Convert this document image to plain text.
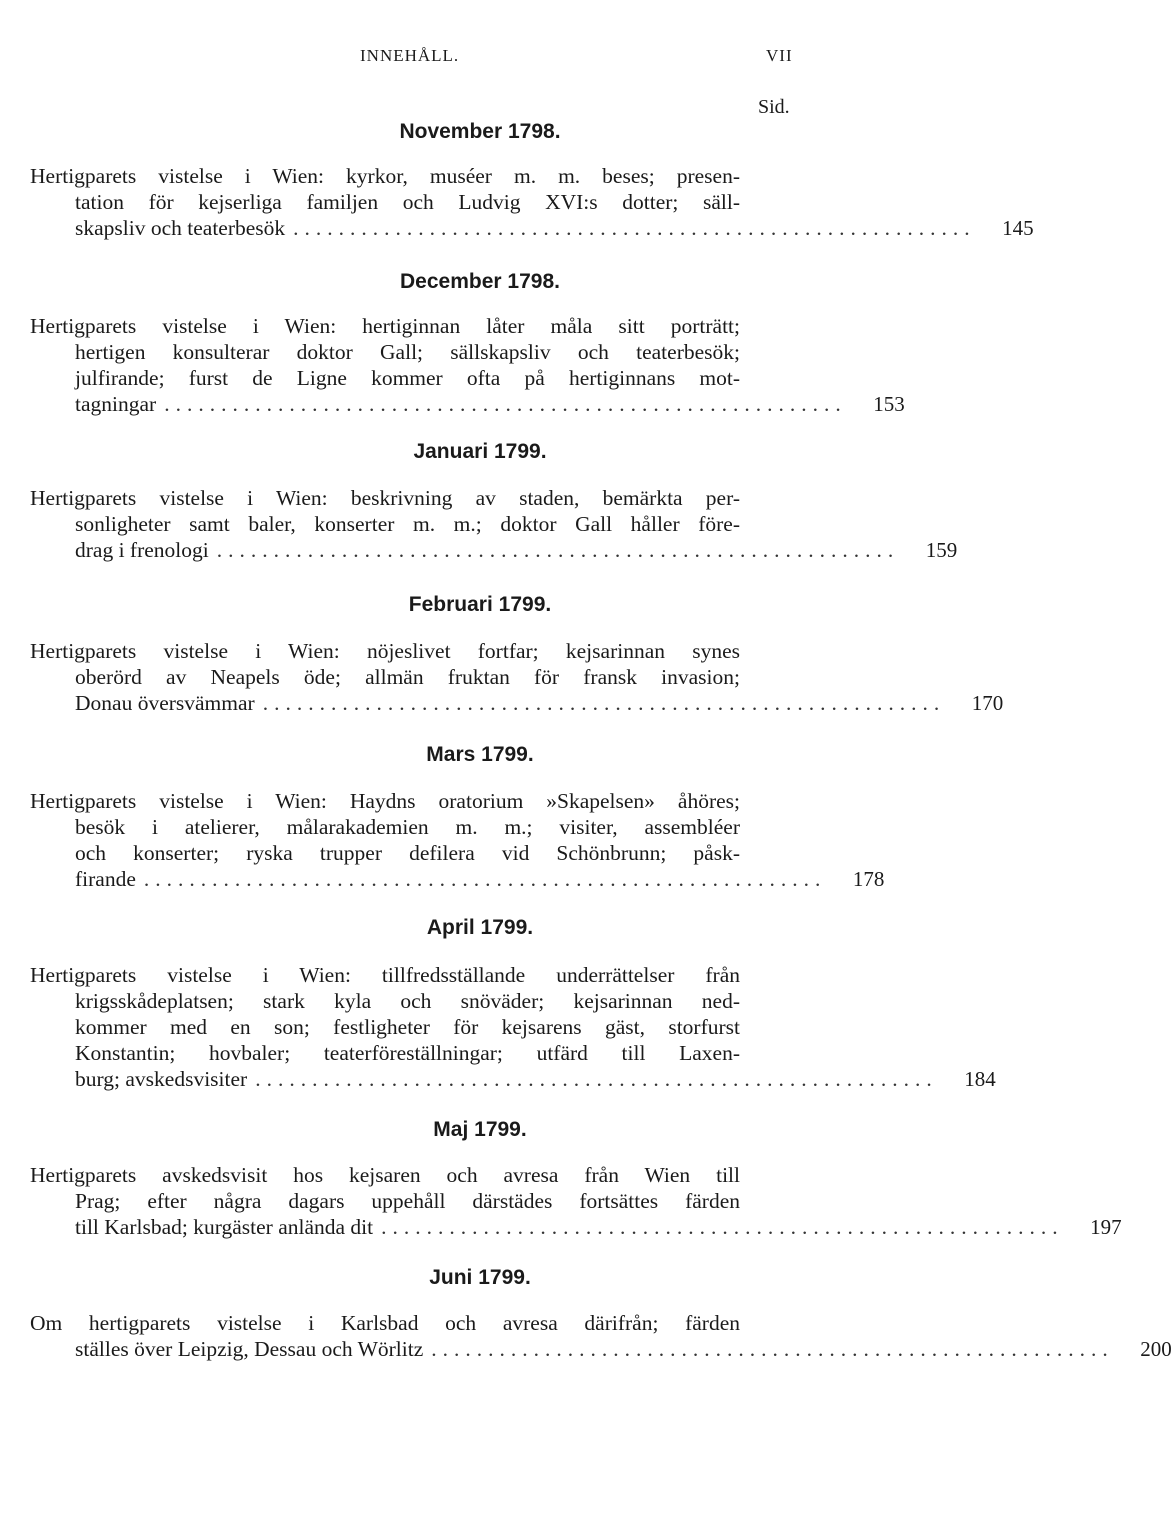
INNEHÅLL.	VII
Sid.
November 1798.
Hertigparets vistelse i Wien: kyrkor, muséer m. m. beses; presen-
tation för kejserliga familjen och Ludvig XVI:s dotter; säll-
skapsliv och teaterbesök ............................................................	145
December 1798.
Hertigparets vistelse i Wien: hertiginnan låter måla sitt porträtt;
hertigen konsulterar doktor Gall; sällskapsliv och teaterbesök;
julfirande; furst de Ligne kommer ofta på hertiginnans mot-
tagningar ............................................................	153
Januari 1799.
Hertigparets vistelse i Wien: beskrivning av staden, bemärkta per-
sonligheter samt baler, konserter m. m.; doktor Gall håller före-
drag i frenologi ............................................................	159
Februari 1799.
Hertigparets vistelse i Wien: nöjeslivet fortfar; kejsarinnan synes
oberörd av Neapels öde; allmän fruktan för fransk invasion;
Donau översvämmar ............................................................	170
Mars 1799.
Hertigparets vistelse i Wien: Haydns oratorium »Skapelsen» åhöres;
besök i atelierer, målarakademien m. m.; visiter, assembléer
och konserter; ryska trupper defilera vid Schönbrunn; påsk-
firande ............................................................	178
April 1799.
Hertigparets vistelse i Wien: tillfredsställande underrättelser från
krigsskådeplatsen; stark kyla och snöväder; kejsarinnan ned-
kommer med en son; festligheter för kejsarens gäst, storfurst
Konstantin; hovbaler; teaterföreställningar; utfärd till Laxen-
burg; avskedsvisiter ............................................................	184
Maj 1799.
Hertigparets avskedsvisit hos kejsaren och avresa från Wien till
Prag; efter några dagars uppehåll därstädes fortsättes färden
till Karlsbad; kurgäster anlända dit ............................................................	197
Juni 1799.
Om hertigparets vistelse i Karlsbad och avresa därifrån; färden
ställes över Leipzig, Dessau och Wörlitz ............................................................	200
